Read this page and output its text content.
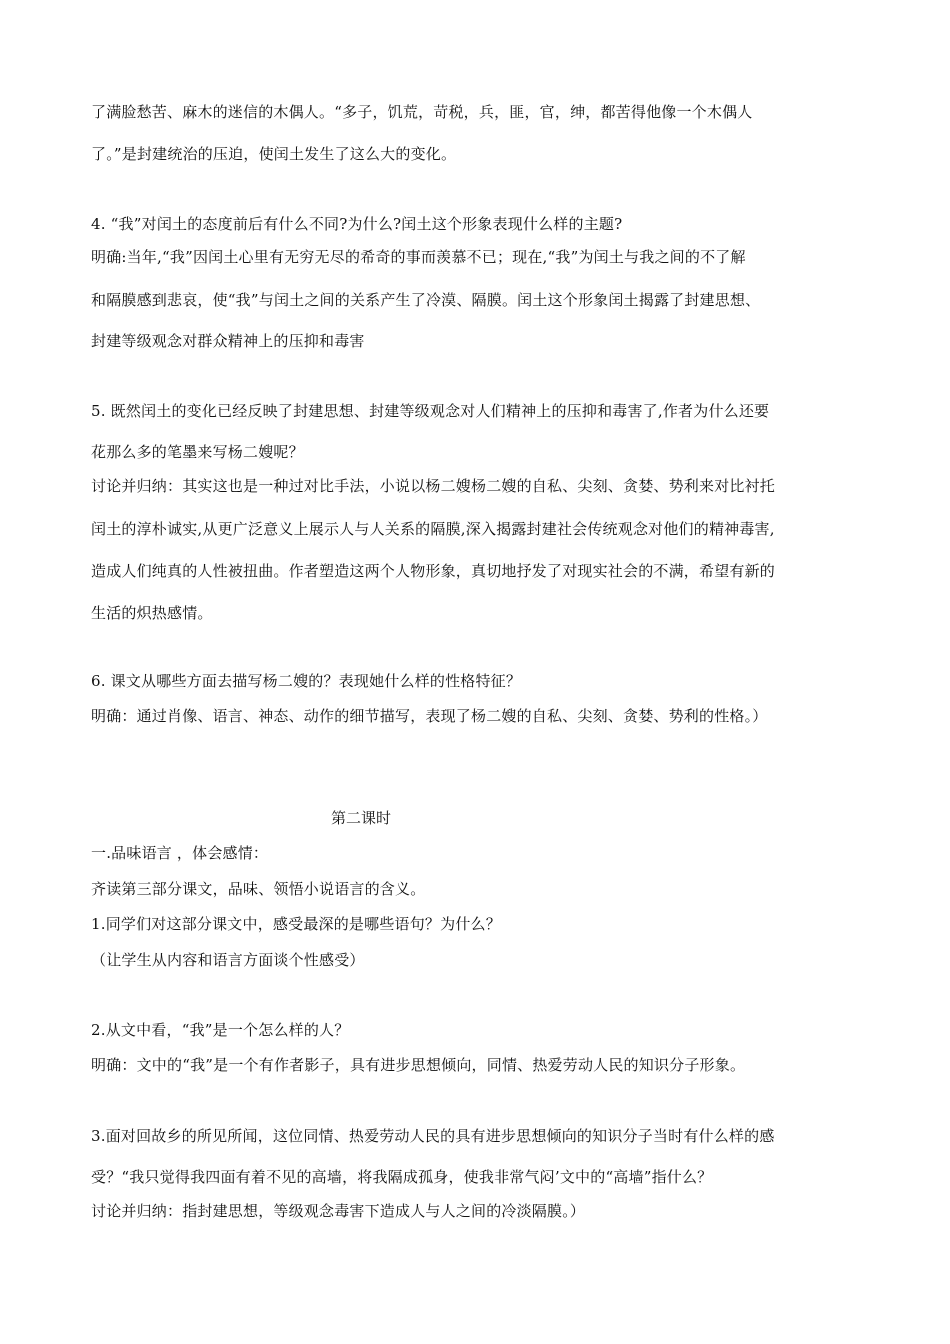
了满脸愁苦、麻木的迷信的木偶人。“多子，饥荒，苛税，兵，匪，官，绅，都苦得他像一个木偶人
了。”是封建统治的压迫，使闰土发生了这么大的变化。
4. “我”对闰土的态度前后有什么不同?为什么?闰土这个形象表现什么样的主题?
明确:当年,“我”因闰土心里有无穷无尽的希奇的事而羡慕不已；现在,“我”为闰土与我之间的不了解
和隔膜感到悲哀，使“我”与闰土之间的关系产生了冷漠、隔膜。闰土这个形象闰土揭露了封建思想、
封建等级观念对群众精神上的压抑和毒害
5. 既然闰土的变化已经反映了封建思想、封建等级观念对人们精神上的压抑和毒害了,作者为什么还要
花那么多的笔墨来写杨二嫂呢？
讨论并归纳：其实这也是一种过对比手法，小说以杨二嫂杨二嫂的自私、尖刻、贪婪、势利来对比衬托
闰土的淳朴诚实,从更广泛意义上展示人与人关系的隔膜,深入揭露封建社会传统观念对他们的精神毒害,
造成人们纯真的人性被扭曲。作者塑造这两个人物形象，真切地抒发了对现实社会的不满，希望有新的
生活的炽热感情。
6. 课文从哪些方面去描写杨二嫂的？表现她什么样的性格特征？
明确：通过肖像、语言、神态、动作的细节描写，表现了杨二嫂的自私、尖刻、贪婪、势利的性格。）
第二课时
一.品味语言 ，体会感情：
齐读第三部分课文，品味、领悟小说语言的含义。
1.同学们对这部分课文中，感受最深的是哪些语句？为什么？
（让学生从内容和语言方面谈个性感受）
2.从文中看，“我”是一个怎么样的人？
明确：文中的“我”是一个有作者影子，具有进步思想倾向，同情、热爱劳动人民的知识分子形象。
3.面对回故乡的所见所闻，这位同情、热爱劳动人民的具有进步思想倾向的知识分子当时有什么样的感
受？“我只觉得我四面有着不见的高墙，将我隔成孤身，使我非常气闷’文中的“高墙”指什么？
讨论并归纳：指封建思想，等级观念毒害下造成人与人之间的冷淡隔膜。）
